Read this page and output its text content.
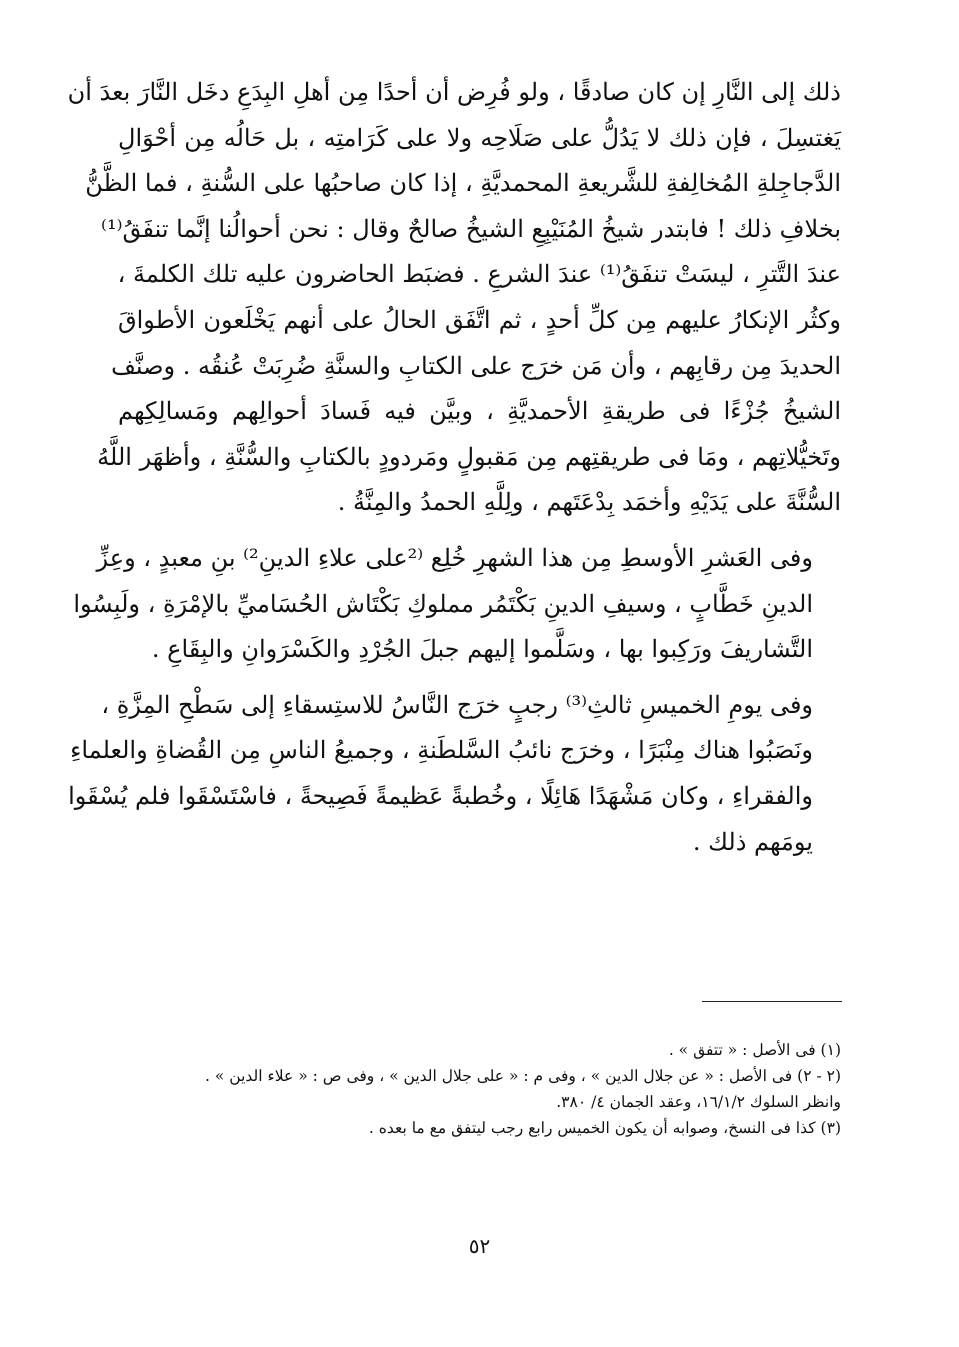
ذلك إلى النَّارِ إن كان صادقًا ، ولو فُرِض أن أحدًا مِن أهلِ البِدَعِ دخَل النَّارَ بعدَ أن
يَغتسِلَ ، فإن ذلك لا يَدُلُّ على صَلَاحِه ولا على كَرَامتِه ، بل حَالُه مِن أحْوَالِ
الدَّجاجِلةِ المُخالِفةِ للشَّريعةِ المحمديَّةِ ، إذا كان صاحبُها على السُّنةِ ، فما الظَّنُّ
بخلافِ ذلك ! فابتدر شيخُ المُنَيْبِعِ الشيخُ صالحٌ وقال : نحن أحوالُنا إنَّما تنفَقُ⁽¹⁾
عندَ التَّترِ ، ليسَتْ تنفَقُ⁽¹⁾ عندَ الشرعِ . فضبَط الحاضرون عليه تلك الكلمةَ ،
وكثُر الإنكارُ عليهم مِن كلِّ أحدٍ ، ثم اتَّفَق الحالُ على أنهم يَخْلَعون الأطواقَ
الحديدَ مِن رقابِهم ، وأن مَن خرَج على الكتابِ والسنَّةِ ضُرِبَتْ عُنقُه . وصنَّف
الشيخُ جُزْءًا فى طريقةِ الأحمديَّةِ ، وبيَّن فيه فَسادَ أحوالِهم ومَسالِكِهم
وتَخيُّلاتِهم ، ومَا فى طريقتِهم مِن مَقبولٍ ومَردودٍ بالكتابِ والسُّنَّةِ ، وأظهَر اللَّهُ
السُّنَّةَ على يَدَيْهِ وأخمَد بِدْعَتَهم ، ولِلَّهِ الحمدُ والمِنَّةُ .

وفى العَشرِ الأوسطِ مِن هذا الشهرِ خُلِع ⁽²على علاءِ الدينِ²⁾ بنِ معبدٍ ، وعِزِّ
الدينِ خَطَّابٍ ، وسيفِ الدينِ بَكْتَمُر مملوكِ بَكْتَاش الحُسَاميِّ بالإمْرَةِ ، ولَبِسُوا
التَّشاريفَ ورَكِبوا بها ، وسَلَّموا إليهم جبلَ الجُرْدِ والكَسْرَوانِ والبِقَاعِ .

وفى يومِ الخميسِ ثالثِ⁽³⁾ رجبٍ خرَج النَّاسُ للاستِسقاءِ إلى سَطْحِ المِزَّةِ ،
ونَصَبُوا هناك مِنْبَرًا ، وخرَج نائبُ السَّلطَنةِ ، وجميعُ الناسِ مِن القُضاةِ والعلماءِ
والفقراءِ ، وكان مَشْهَدًا هَائِلًا ، وخُطبةً عَظيمةً فَصِيحةً ، فاسْتَسْقَوا فلم يُسْقَوا
يومَهم ذلك .

(١) فى الأصل : « تتفق » .

(٢ - ٢) فى الأصل : « عن جلال الدين » ، وفى م : « على جلال الدين » ، وفى ص : « علاء الدين » .

وانظر السلوك ١٦/١/٢، وعقد الجمان ٤/ ٣٨٠.

(٣) كذا فى النسخ، وصوابه أن يكون الخميس رابع رجب ليتفق مع ما بعده .

٥٢
